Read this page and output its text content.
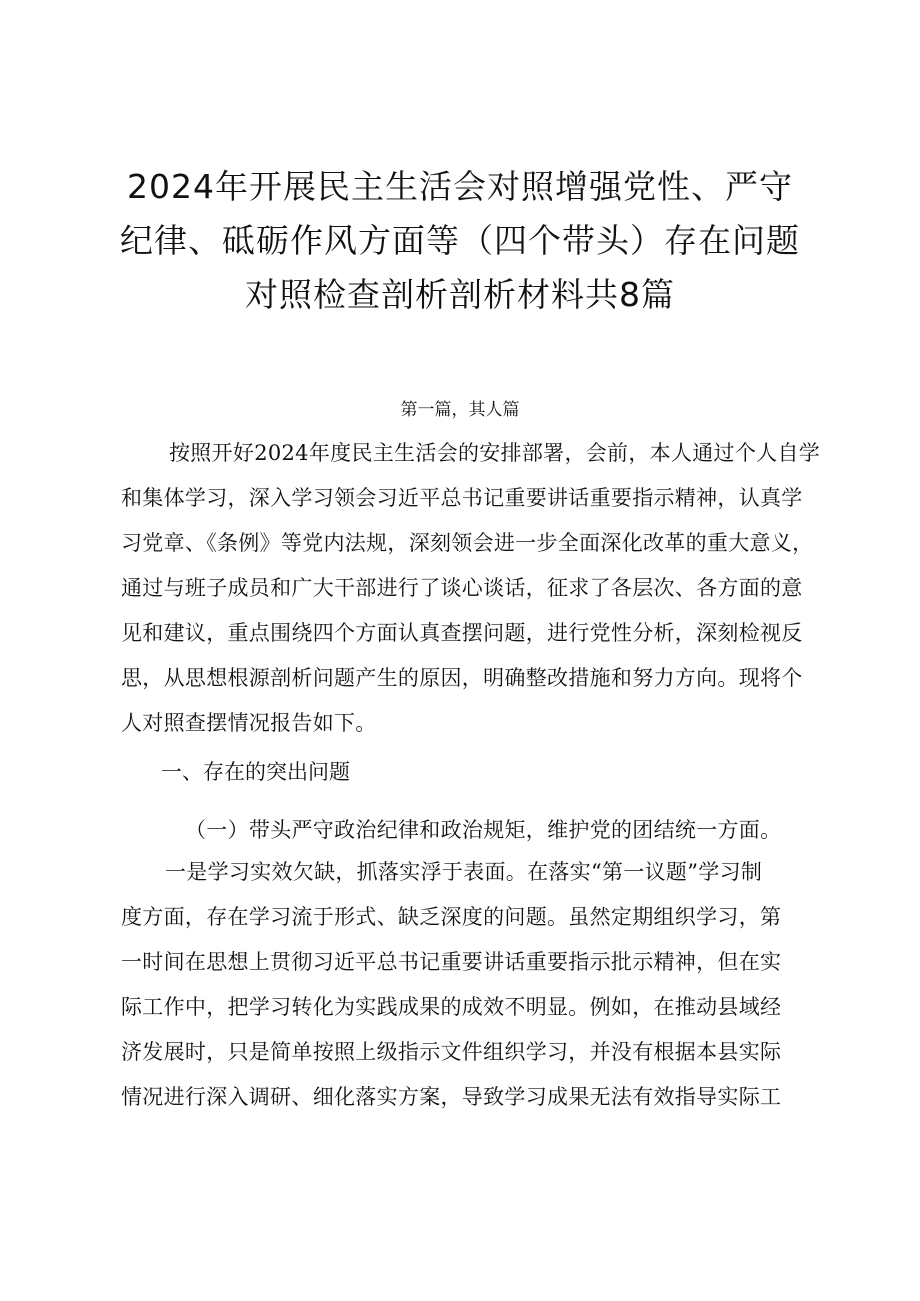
2024年开展民主生活会对照增强党性、严守
纪律、砥砺作风方面等（四个带头）存在问题
对照检查剖析剖析材料共8篇
第一篇，其人篇
按照开好2024年度民主生活会的安排部署，会前，本人通过个人自学
和集体学习，深入学习领会习近平总书记重要讲话重要指示精神，认真学
习党章、《条例》等党内法规，深刻领会进一步全面深化改革的重大意义，
通过与班子成员和广大干部进行了谈心谈话，征求了各层次、各方面的意
见和建议，重点围绕四个方面认真查摆问题，进行党性分析，深刻检视反
思，从思想根源剖析问题产生的原因，明确整改措施和努力方向。现将个
人对照查摆情况报告如下。
一、存在的突出问题
（一）带头严守政治纪律和政治规矩，维护党的团结统一方面。
一是学习实效欠缺，抓落实浮于表面。在落实“第一议题”学习制
度方面，存在学习流于形式、缺乏深度的问题。虽然定期组织学习，第
一时间在思想上贯彻习近平总书记重要讲话重要指示批示精神，但在实
际工作中，把学习转化为实践成果的成效不明显。例如，在推动县域经
济发展时，只是简单按照上级指示文件组织学习，并没有根据本县实际
情况进行深入调研、细化落实方案，导致学习成果无法有效指导实际工
